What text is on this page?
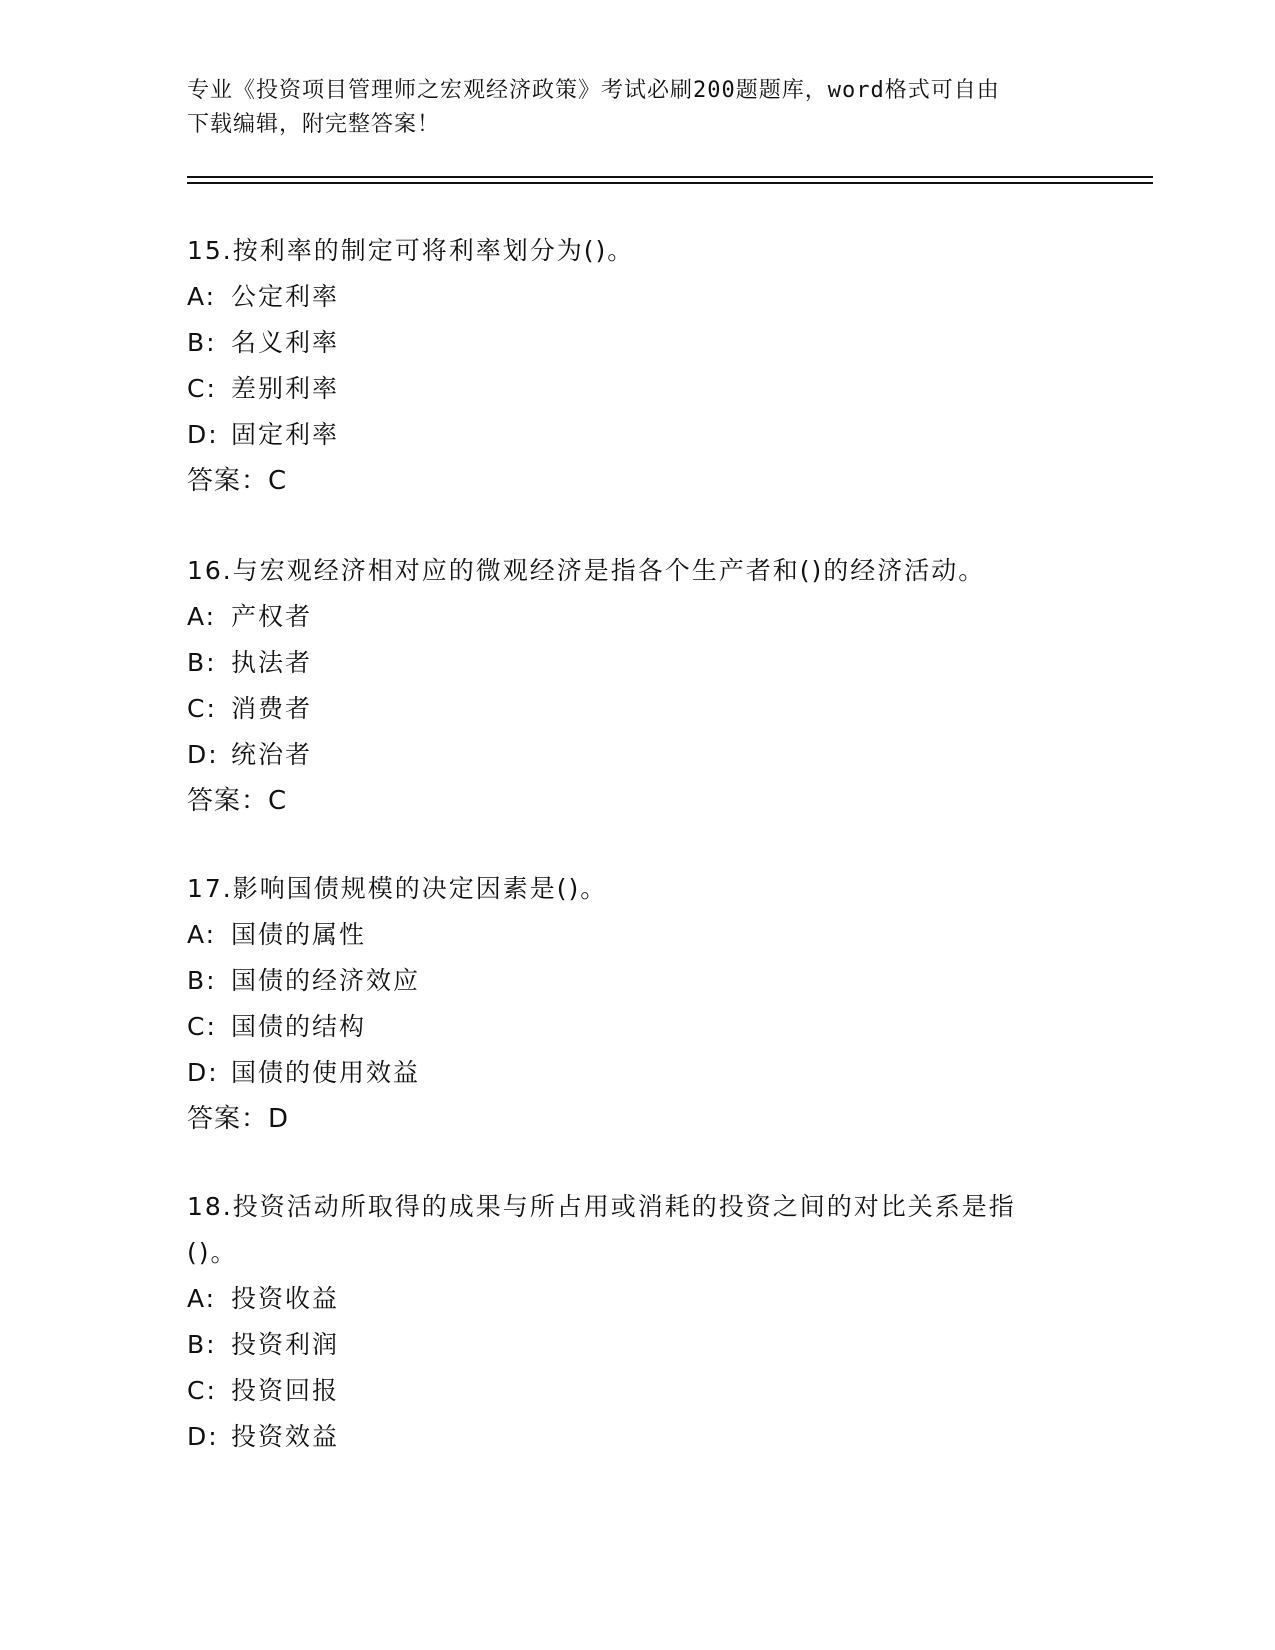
专业《投资项目管理师之宏观经济政策》考试必刷200题题库，word格式可自由
下载编辑，附完整答案！

15.按利率的制定可将利率划分为()。

A: 公定利率

B: 名义利率

C: 差别利率

D: 固定利率

答案：C

16.与宏观经济相对应的微观经济是指各个生产者和()的经济活动。

A: 产权者

B: 执法者

C: 消费者

D: 统治者

答案：C

17.影响国债规模的决定因素是()。

A: 国债的属性

B: 国债的经济效应

C: 国债的结构

D: 国债的使用效益

答案：D

18.投资活动所取得的成果与所占用或消耗的投资之间的对比关系是指

()。

A: 投资收益

B: 投资利润

C: 投资回报

D: 投资效益
